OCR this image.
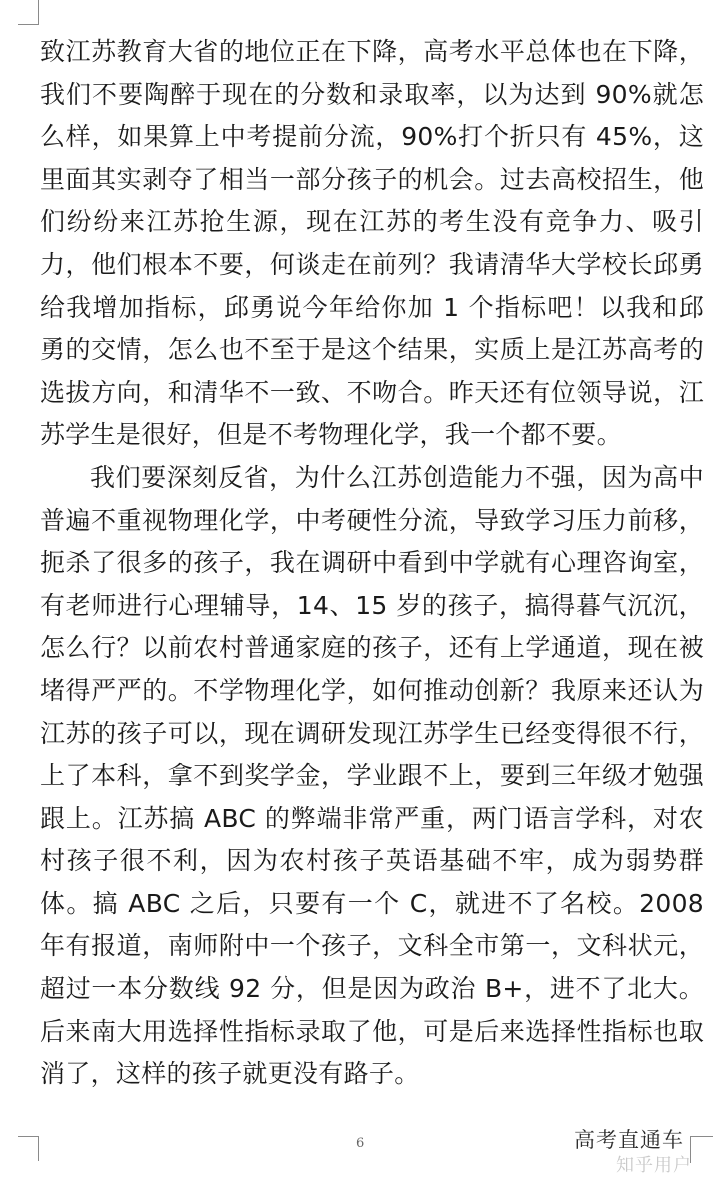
致江苏教育大省的地位正在下降，高考水平总体也在下降，我们不要陶醉于现在的分数和录取率，以为达到 90%就怎么样，如果算上中考提前分流，90%打个折只有 45%，这里面其实剥夺了相当一部分孩子的机会。过去高校招生，他们纷纷来江苏抢生源，现在江苏的考生没有竞争力、吸引力，他们根本不要，何谈走在前列？我请清华大学校长邱勇给我增加指标，邱勇说今年给你加 1 个指标吧！以我和邱勇的交情，怎么也不至于是这个结果，实质上是江苏高考的选拔方向，和清华不一致、不吻合。昨天还有位领导说，江苏学生是很好，但是不考物理化学，我一个都不要。

我们要深刻反省，为什么江苏创造能力不强，因为高中普遍不重视物理化学，中考硬性分流，导致学习压力前移，扼杀了很多的孩子，我在调研中看到中学就有心理咨询室，有老师进行心理辅导，14、15 岁的孩子，搞得暮气沉沉，怎么行？以前农村普通家庭的孩子，还有上学通道，现在被堵得严严的。不学物理化学，如何推动创新？我原来还认为江苏的孩子可以，现在调研发现江苏学生已经变得很不行，上了本科，拿不到奖学金，学业跟不上，要到三年级才勉强跟上。江苏搞 ABC 的弊端非常严重，两门语言学科，对农村孩子很不利，因为农村孩子英语基础不牢，成为弱势群体。搞 ABC 之后，只要有一个 C，就进不了名校。2008 年有报道，南师附中一个孩子，文科全市第一，文科状元，超过一本分数线 92 分，但是因为政治 B+，进不了北大。后来南大用选择性指标录取了他，可是后来选择性指标也取消了，这样的孩子就更没有路子。

6	高考直通车
知乎用户
